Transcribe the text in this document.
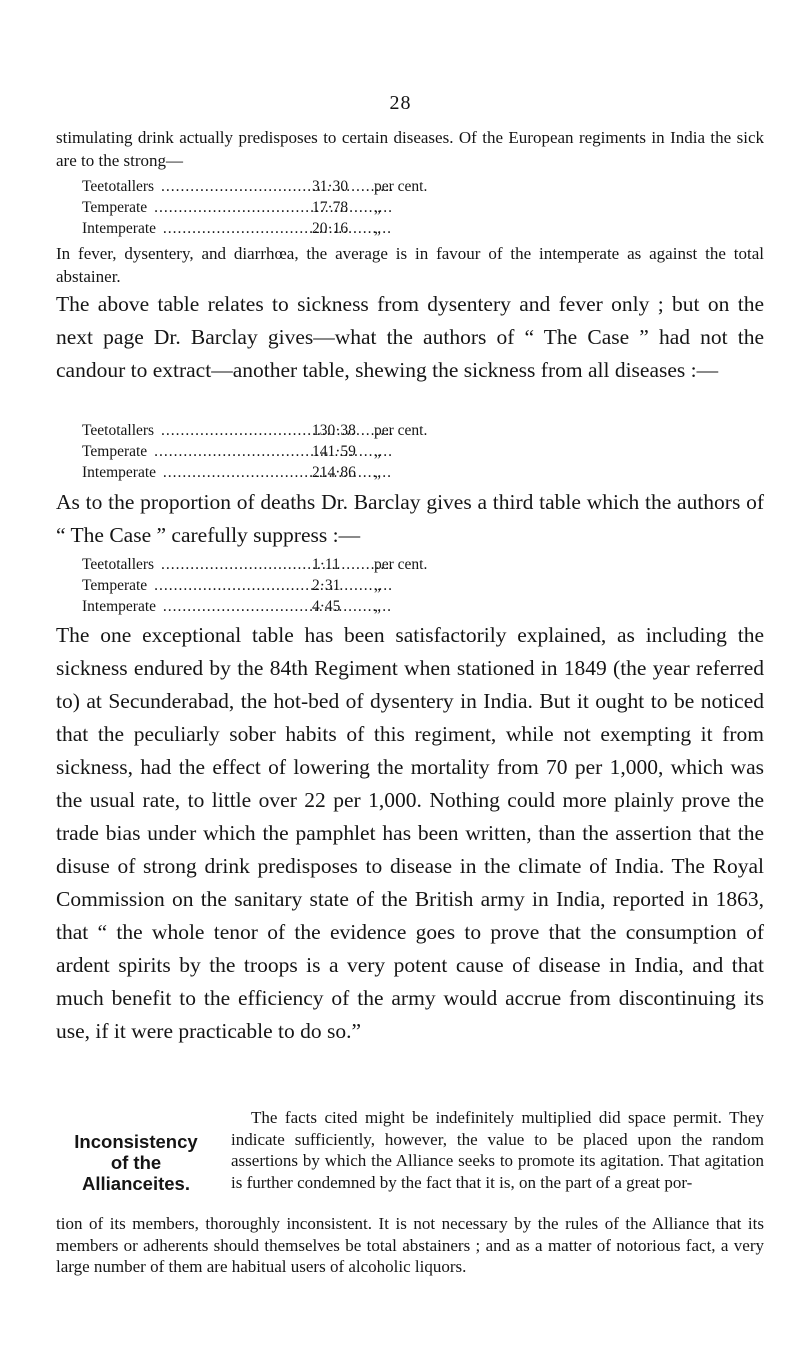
28

stimulating drink actually predisposes to certain diseases. Of the European regiments in India the sick are to the strong—

Teetotallers .....	31·30 per cent.
Temperate .....	17·78 „
Intemperate .....	20·16 „

In fever, dysentery, and diarrhœa, the average is in favour of the intemperate as against the total abstainer.

The above table relates to sickness from dysentery and fever only ; but on the next page Dr. Barclay gives—what the authors of “ The Case ” had not the candour to extract—another table, shewing the sickness from all diseases :—

Teetotallers .....	130·38 per cent.
Temperate .....	141·59 „
Intemperate .....	214·86 „

As to the proportion of deaths Dr. Barclay gives a third table which the authors of “ The Case ” carefully suppress :—

Teetotallers .....	1·11 per cent.
Temperate .....	2·31 „
Intemperate .....	4·45 „

The one exceptional table has been satisfactorily explained, as including the sickness endured by the 84th Regiment when stationed in 1849 (the year referred to) at Secunderabad, the hot-bed of dysentery in India. But it ought to be noticed that the peculiarly sober habits of this regiment, while not exempting it from sickness, had the effect of lowering the mortality from 70 per 1,000, which was the usual rate, to little over 22 per 1,000. Nothing could more plainly prove the trade bias under which the pamphlet has been written, than the assertion that the disuse of strong drink predisposes to disease in the climate of India. The Royal Commission on the sanitary state of the British army in India, reported in 1863, that “ the whole tenor of the evidence goes to prove that the consumption of ardent spirits by the troops is a very potent cause of disease in India, and that much benefit to the efficiency of the army would accrue from discontinuing its use, if it were practicable to do so.”

Inconsistency
of the
Allianceites.

The facts cited might be indefinitely multiplied did space permit. They indicate sufficiently, however, the value to be placed upon the random assertions by which the Alliance seeks to promote its agitation. That agitation is further condemned by the fact that it is, on the part of a great por-

tion of its members, thoroughly inconsistent. It is not necessary by the rules of the Alliance that its members or adherents should themselves be total abstainers ; and as a matter of notorious fact, a very large number of them are habitual users of alcoholic liquors.
